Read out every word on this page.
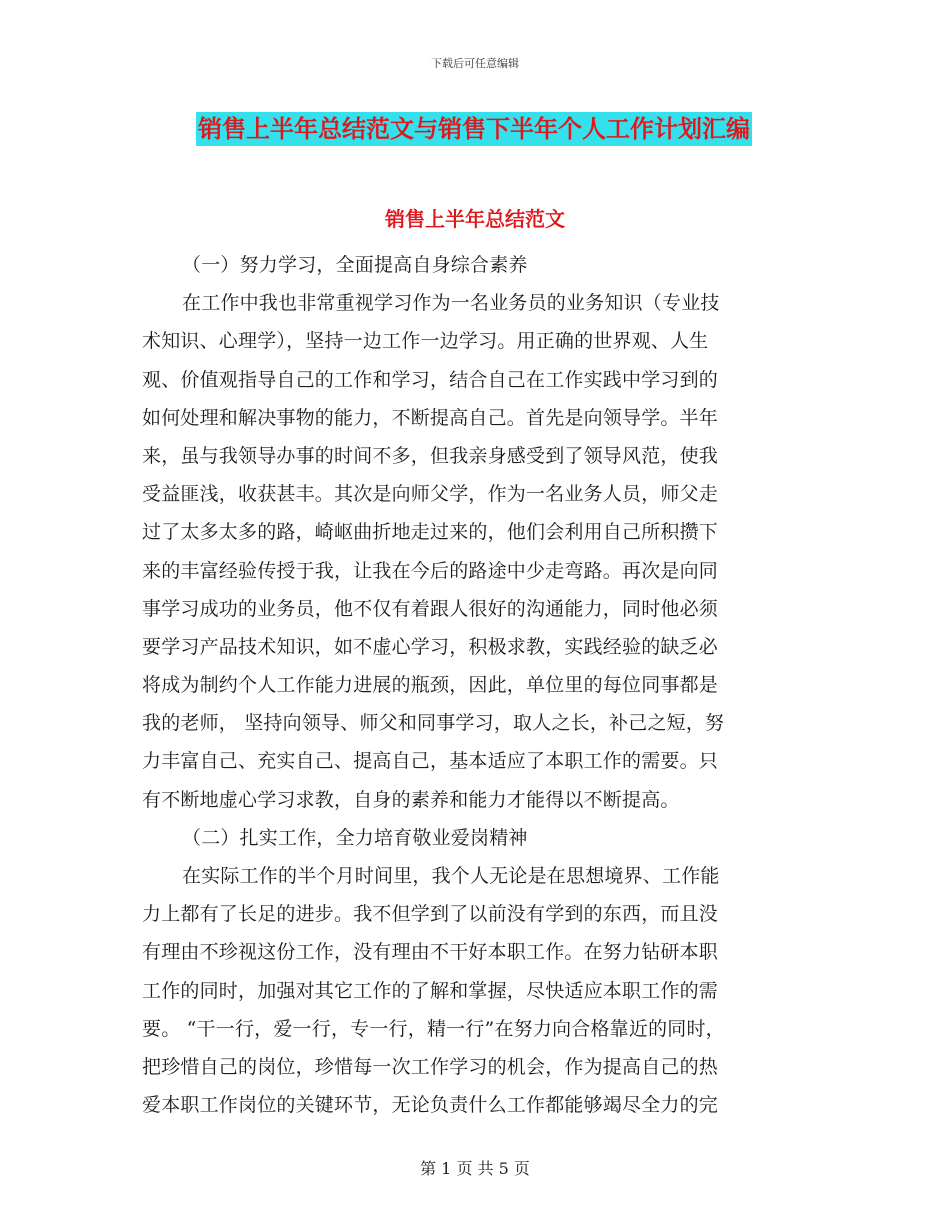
下载后可任意编辑
销售上半年总结范文与销售下半年个人工作计划汇编
销售上半年总结范文
（一）努力学习，全面提高自身综合素养
在工作中我也非常重视学习作为一名业务员的业务知识（专业技
术知识、心理学），坚持一边工作一边学习。用正确的世界观、人生
观、价值观指导自己的工作和学习，结合自己在工作实践中学习到的
如何处理和解决事物的能力，不断提高自己。首先是向领导学。半年
来，虽与我领导办事的时间不多，但我亲身感受到了领导风范，使我
受益匪浅，收获甚丰。其次是向师父学，作为一名业务人员，师父走
过了太多太多的路，崎岖曲折地走过来的，他们会利用自己所积攒下
来的丰富经验传授于我，让我在今后的路途中少走弯路。再次是向同
事学习成功的业务员，他不仅有着跟人很好的沟通能力，同时他必须
要学习产品技术知识，如不虚心学习，积极求教，实践经验的缺乏必
将成为制约个人工作能力进展的瓶颈，因此，单位里的每位同事都是
我的老师， 坚持向领导、师父和同事学习，取人之长，补己之短，努
力丰富自己、充实自己、提高自己，基本适应了本职工作的需要。只
有不断地虚心学习求教，自身的素养和能力才能得以不断提高。
（二）扎实工作，全力培育敬业爱岗精神
在实际工作的半个月时间里，我个人无论是在思想境界、工作能
力上都有了长足的进步。我不但学到了以前没有学到的东西，而且没
有理由不珍视这份工作，没有理由不干好本职工作。在努力钻研本职
工作的同时，加强对其它工作的了解和掌握，尽快适应本职工作的需
要。 “干一行，爱一行，专一行，精一行”在努力向合格靠近的同时，
把珍惜自己的岗位，珍惜每一次工作学习的机会，作为提高自己的热
爱本职工作岗位的关键环节，无论负责什么工作都能够竭尽全力的完
第 1 页 共 5 页
